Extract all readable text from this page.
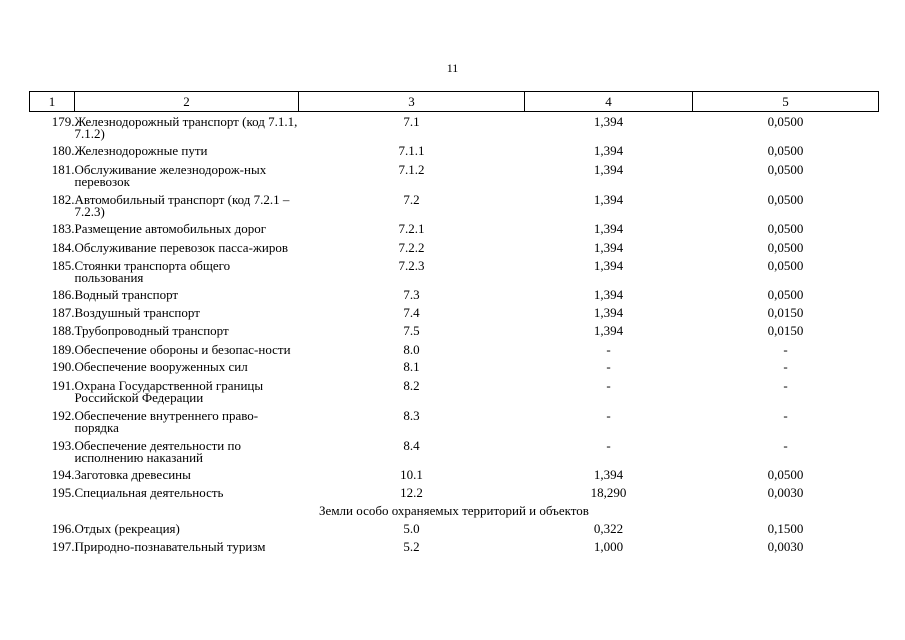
11
1	2	3	4	5
179.	Железнодорожный транспорт (код 7.1.1, 7.1.2)	7.1	1,394	0,0500
180.	Железнодорожные пути	7.1.1	1,394	0,0500
181.	Обслуживание железнодорож-ных перевозок	7.1.2	1,394	0,0500
182.	Автомобильный транспорт (код 7.2.1 – 7.2.3)	7.2	1,394	0,0500
183.	Размещение автомобильных дорог	7.2.1	1,394	0,0500
184.	Обслуживание перевозок пасса-жиров	7.2.2	1,394	0,0500
185.	Стоянки транспорта общего пользования	7.2.3	1,394	0,0500
186.	Водный транспорт	7.3	1,394	0,0500
187.	Воздушный транспорт	7.4	1,394	0,0150
188.	Трубопроводный транспорт	7.5	1,394	0,0150
189.	Обеспечение обороны и безопас-ности	8.0	-	-
190.	Обеспечение вооруженных сил	8.1	-	-
191.	Охрана Государственной границы Российской Федерации	8.2	-	-
192.	Обеспечение внутреннего право-порядка	8.3	-	-
193.	Обеспечение деятельности по исполнению наказаний	8.4	-	-
194.	Заготовка древесины	10.1	1,394	0,0500
195.	Специальная деятельность	12.2	18,290	0,0030
Земли особо охраняемых территорий и объектов				
196.	Отдых (рекреация)	5.0	0,322	0,1500
197.	Природно-познавательный туризм	5.2	1,000	0,0030
